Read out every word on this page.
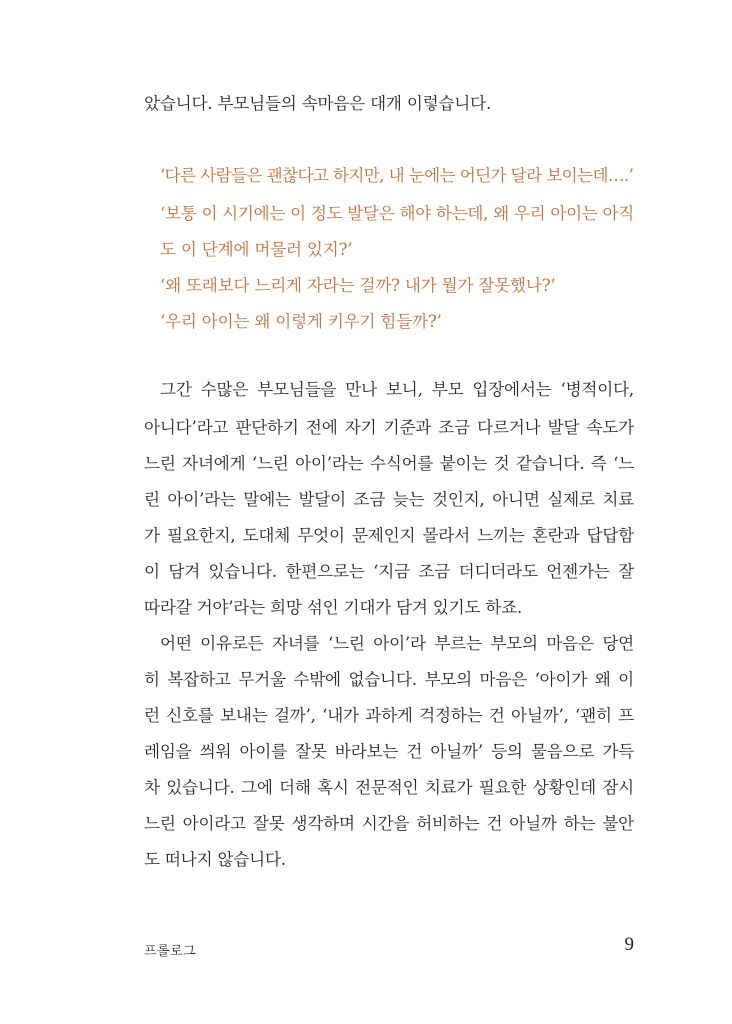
았습니다. 부모님들의 속마음은 대개 이렇습니다.
‘다른 사람들은 괜찮다고 하지만, 내 눈에는 어딘가 달라 보이는데….’
‘보통 이 시기에는 이 정도 발달은 해야 하는데, 왜 우리 아이는 아직
도 이 단계에 머물러 있지?’
‘왜 또래보다 느리게 자라는 걸까? 내가 뭘가 잘못했나?’
‘우리 아이는 왜 이렇게 키우기 힘들까?’
그간 수많은 부모님들을 만나 보니, 부모 입장에서는 ‘병적이다,
아니다’라고 판단하기 전에 자기 기준과 조금 다르거나 발달 속도가
느린 자녀에게 ‘느린 아이’라는 수식어를 붙이는 것 같습니다. 즉 ‘느
린 아이’라는 말에는 발달이 조금 늦는 것인지, 아니면 실제로 치료
가 필요한지, 도대체 무엇이 문제인지 몰라서 느끼는 혼란과 답답함
이 담겨 있습니다. 한편으로는 ‘지금 조금 더디더라도 언젠가는 잘
따라갈 거야’라는 희망 섞인 기대가 담겨 있기도 하죠.
어떤 이유로든 자녀를 ‘느린 아이’라 부르는 부모의 마음은 당연
히 복잡하고 무거울 수밖에 없습니다. 부모의 마음은 ‘아이가 왜 이
런 신호를 보내는 걸까’, ‘내가 과하게 걱정하는 건 아닐까’, ‘괜히 프
레임을 씌워 아이를 잘못 바라보는 건 아닐까’ 등의 물음으로 가득
차 있습니다. 그에 더해 혹시 전문적인 치료가 필요한 상황인데 잠시
느린 아이라고 잘못 생각하며 시간을 허비하는 건 아닐까 하는 불안
도 떠나지 않습니다.
프롤로그	9
